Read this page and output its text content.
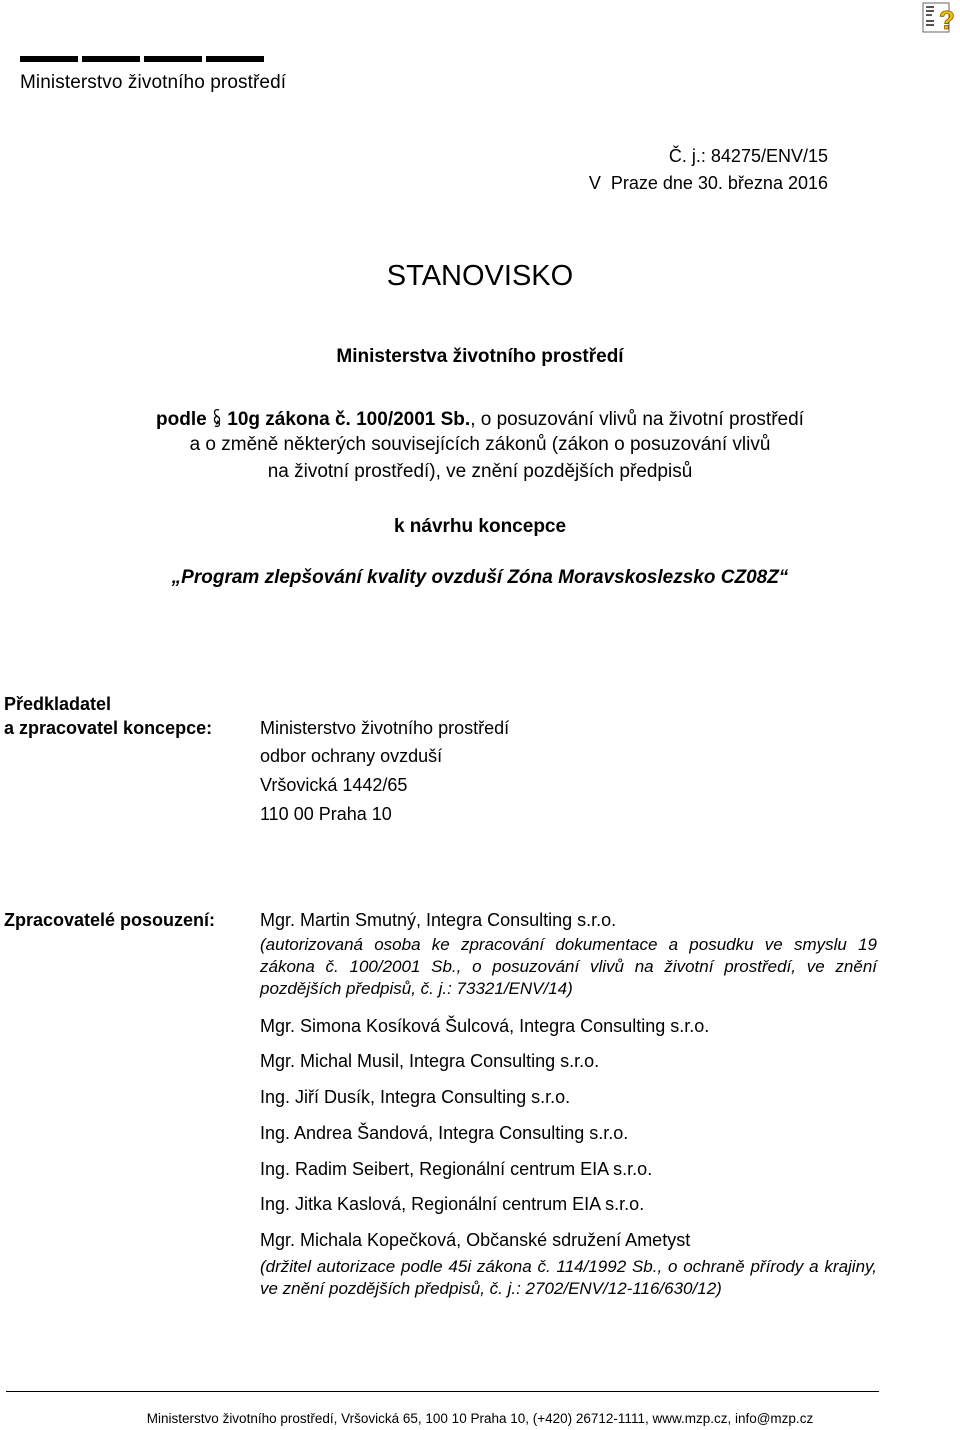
Ministerstvo životního prostředí
?
Č. j.: 84275/ENV/15
V  Praze dne 30. března 2016
STANOVISKO
Ministerstva životního prostředí
podle  10g zákona č. 100/2001 Sb., o posuzování vlivů na životní prostředí
a o změně některých souvisejících zákonů (zákon o posuzování vlivů
na životní prostředí), ve znění pozdějších předpisů
k návrhu koncepce
„Program zlepšování kvality ovzduší Zóna Moravskoslezsko CZ08Z“
Předkladatel
a zpracovatel koncepce:	Ministerstvo životního prostředí
odbor ochrany ovzduší
Vršovická 1442/65
110 00 Praha 10
Zpracovatelé posouzení: Mgr. Martin Smutný, Integra Consulting s.r.o.
(autorizovaná osoba ke zpracování dokumentace a posudku ve smyslu 19 zákona č. 100/2001 Sb., o posuzování vlivů na životní prostředí, ve znění pozdějších předpisů, č. j.: 73321/ENV/14)
Mgr. Simona Kosíková Šulcová, Integra Consulting s.r.o.
Mgr. Michal Musil, Integra Consulting s.r.o.
Ing. Jiří Dusík, Integra Consulting s.r.o.
Ing. Andrea Šandová, Integra Consulting s.r.o.
Ing. Radim Seibert, Regionální centrum EIA s.r.o.
Ing. Jitka Kaslová, Regionální centrum EIA s.r.o.
Mgr. Michala Kopečková, Občanské sdružení Ametyst
(držitel autorizace podle 45i zákona č. 114/1992 Sb., o ochraně přírody a krajiny, ve znění pozdějších předpisů, č. j.: 2702/ENV/12-116/630/12)
Ministerstvo životního prostředí, Vršovická 65, 100 10 Praha 10, (+420) 26712-1111, www.mzp.cz, info@mzp.cz
